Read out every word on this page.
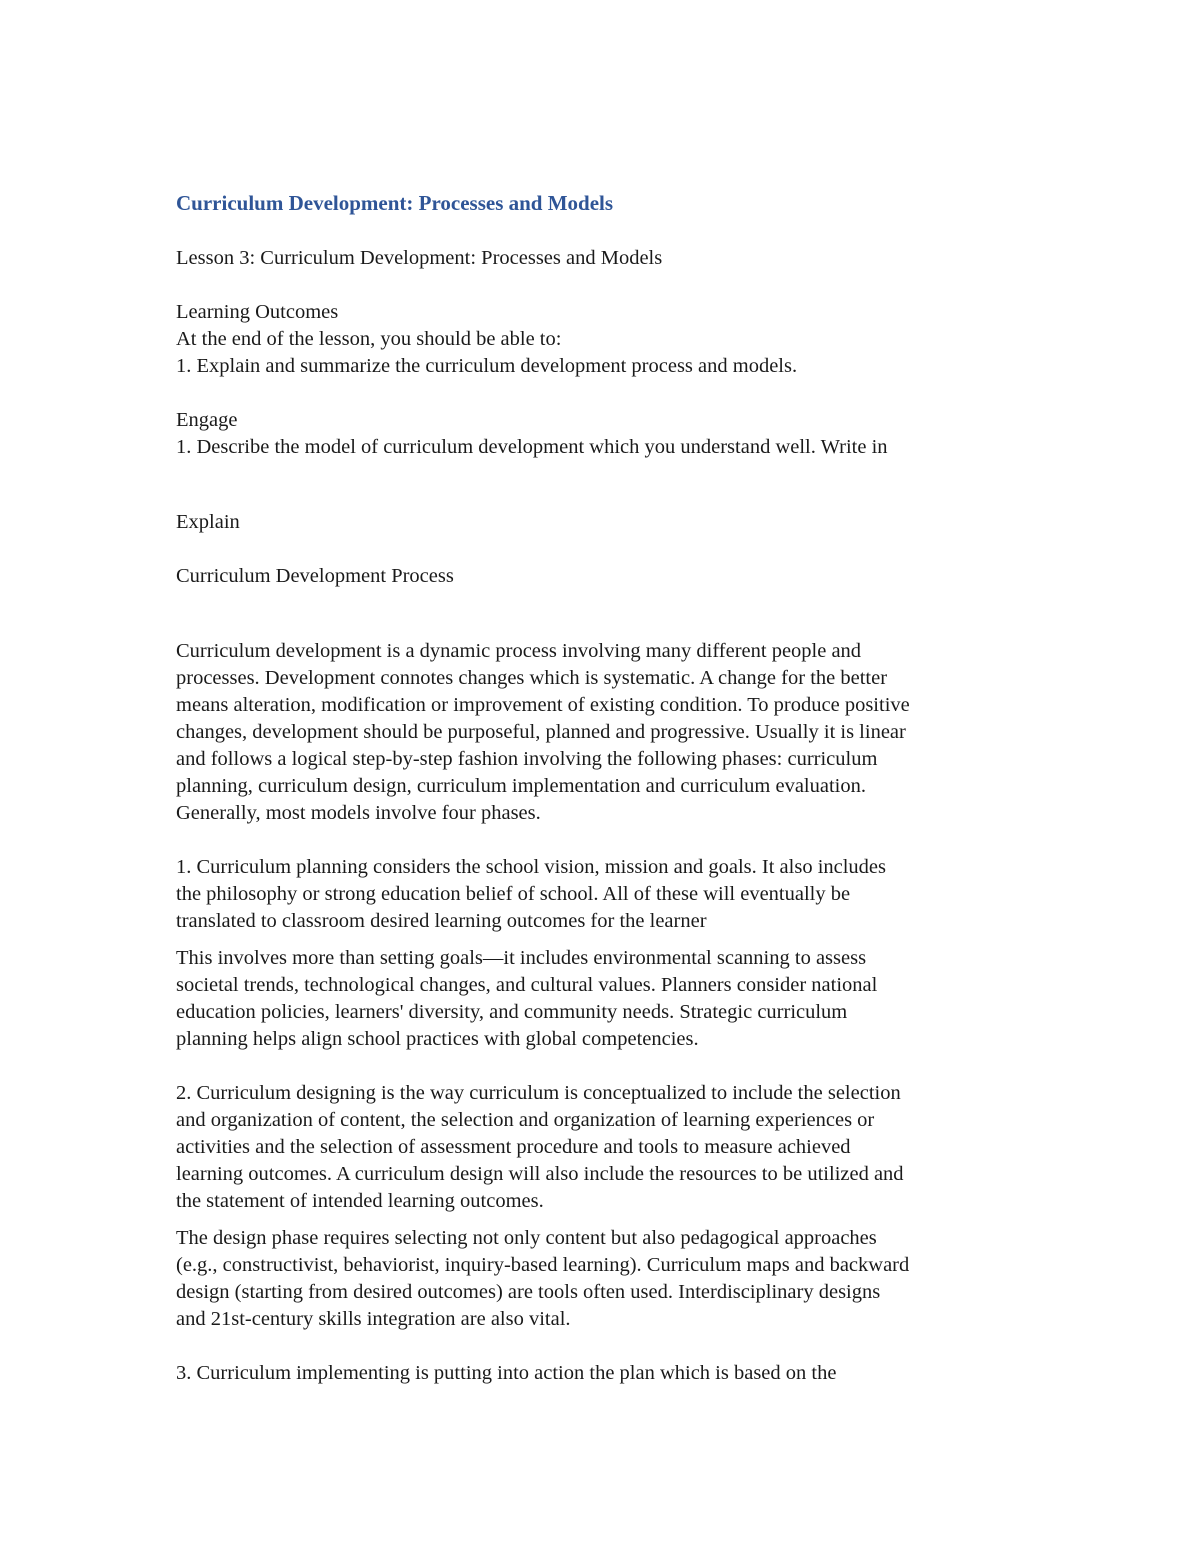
Curriculum Development: Processes and Models

Lesson 3: Curriculum Development: Processes and Models

Learning Outcomes

At the end of the lesson, you should be able to:

1. Explain and summarize the curriculum development process and models.

Engage

1. Describe the model of curriculum development which you understand well. Write in

Explain

Curriculum Development Process

Curriculum development is a dynamic process involving many different people and
processes. Development connotes changes which is systematic. A change for the better
means alteration, modification or improvement of existing condition. To produce positive
changes, development should be purposeful, planned and progressive. Usually it is linear
and follows a logical step-by-step fashion involving the following phases: curriculum
planning, curriculum design, curriculum implementation and curriculum evaluation.
Generally, most models involve four phases.

1. Curriculum planning considers the school vision, mission and goals. It also includes
the philosophy or strong education belief of school. All of these will eventually be
translated to classroom desired learning outcomes for the learner

This involves more than setting goals—it includes environmental scanning to assess
societal trends, technological changes, and cultural values. Planners consider national
education policies, learners' diversity, and community needs. Strategic curriculum
planning helps align school practices with global competencies.

2. Curriculum designing is the way curriculum is conceptualized to include the selection
and organization of content, the selection and organization of learning experiences or
activities and the selection of assessment procedure and tools to measure achieved
learning outcomes. A curriculum design will also include the resources to be utilized and
the statement of intended learning outcomes.

The design phase requires selecting not only content but also pedagogical approaches
(e.g., constructivist, behaviorist, inquiry-based learning). Curriculum maps and backward
design (starting from desired outcomes) are tools often used. Interdisciplinary designs
and 21st-century skills integration are also vital.

3. Curriculum implementing is putting into action the plan which is based on the
